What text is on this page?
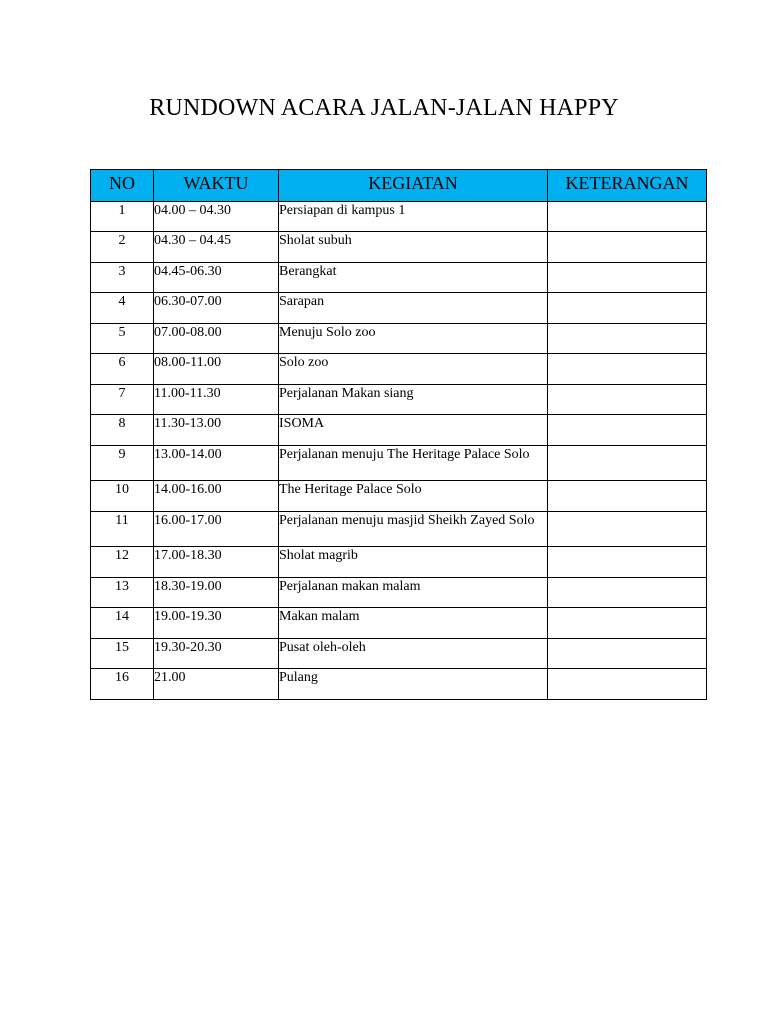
RUNDOWN ACARA JALAN-JALAN HAPPY
NO	WAKTU	KEGIATAN	KETERANGAN
1	04.00 – 04.30	Persiapan di kampus 1	
2	04.30 – 04.45	Sholat subuh	
3	04.45-06.30	Berangkat	
4	06.30-07.00	Sarapan	
5	07.00-08.00	Menuju Solo zoo	
6	08.00-11.00	Solo zoo	
7	11.00-11.30	Perjalanan Makan siang	
8	11.30-13.00	ISOMA	
9	13.00-14.00	Perjalanan menuju The Heritage Palace Solo	
10	14.00-16.00	The Heritage Palace Solo	
11	16.00-17.00	Perjalanan menuju masjid Sheikh Zayed Solo	
12	17.00-18.30	Sholat magrib	
13	18.30-19.00	Perjalanan makan malam	
14	19.00-19.30	Makan malam	
15	19.30-20.30	Pusat oleh-oleh	
16	21.00	Pulang	
